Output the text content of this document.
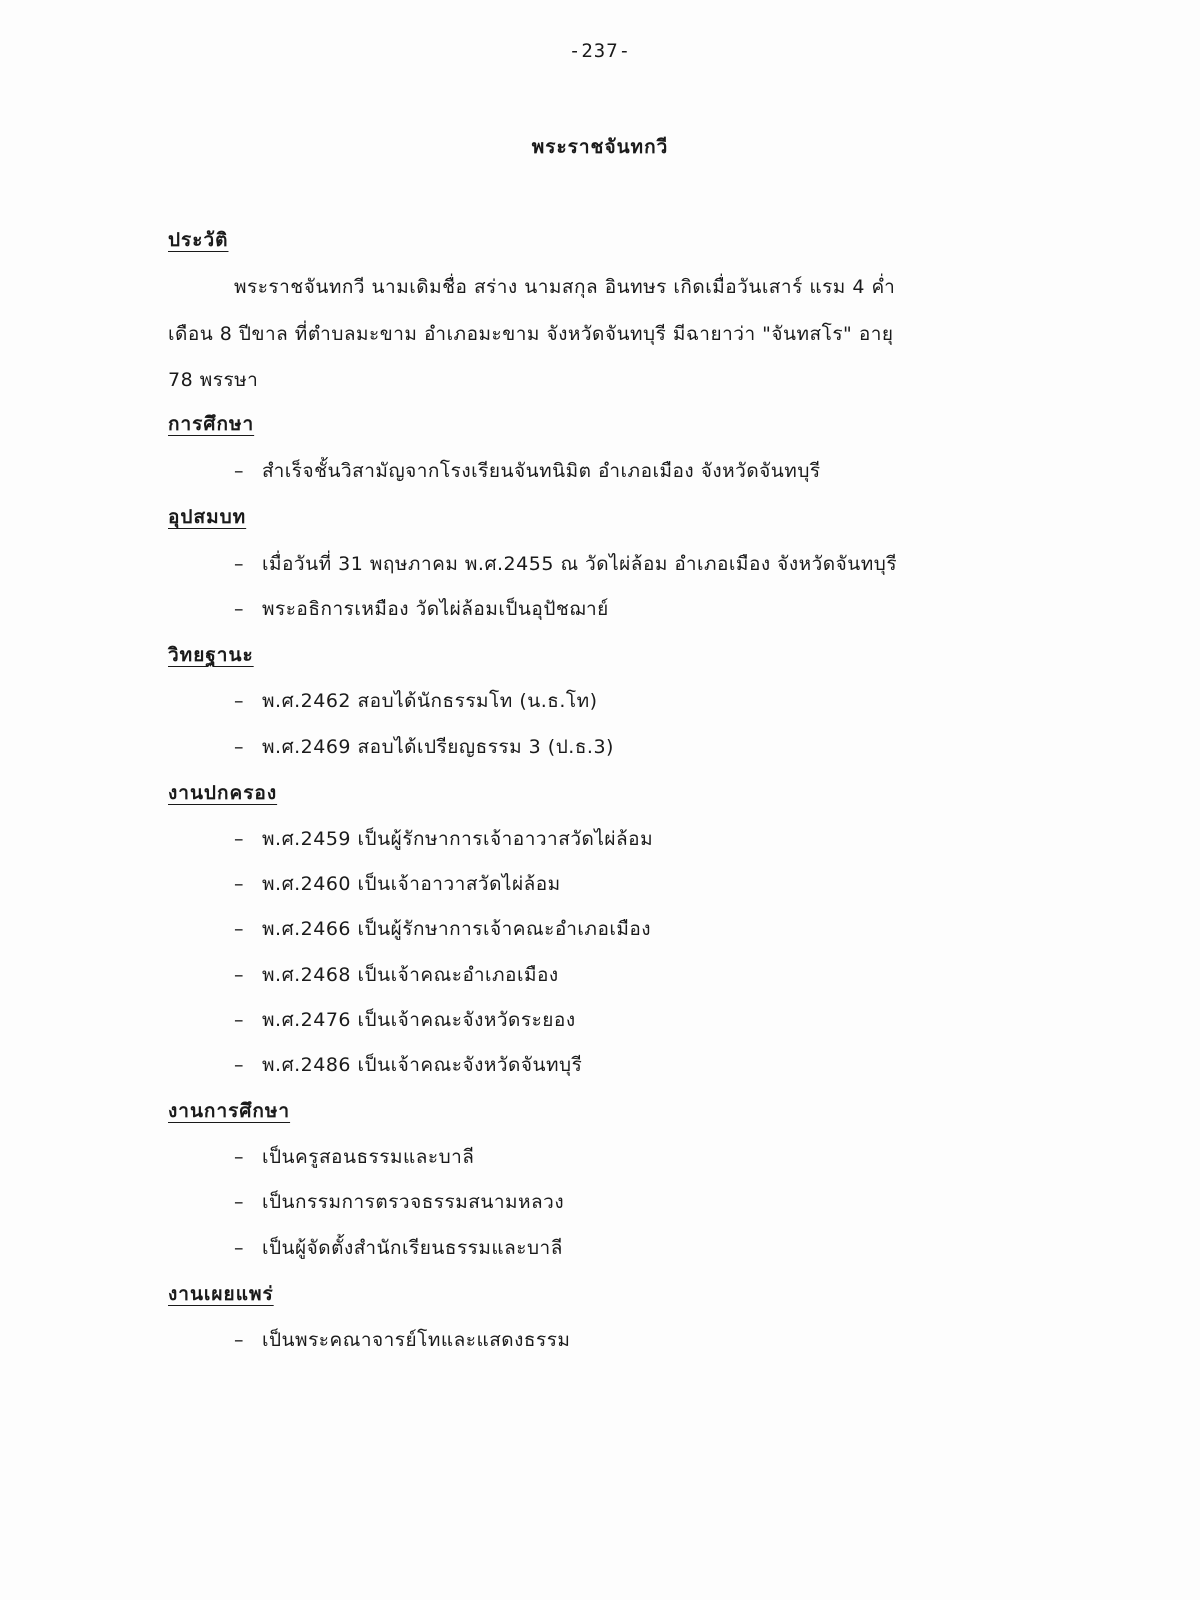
-237-
พระราชจันทกวี
ประวัติ
พระราชจันทกวี นามเดิมชื่อ สร่าง นามสกุล อินทษร เกิดเมื่อวันเสาร์ แรม 4 ค่ำ
เดือน 8 ปีขาล ที่ตำบลมะขาม อำเภอมะขาม จังหวัดจันทบุรี มีฉายาว่า "จันทสโร" อายุ
78 พรรษา
การศึกษา
– สำเร็จชั้นวิสามัญจากโรงเรียนจันทนิมิต อำเภอเมือง จังหวัดจันทบุรี
อุปสมบท
– เมื่อวันที่ 31 พฤษภาคม พ.ศ.2455 ณ วัดไผ่ล้อม อำเภอเมือง จังหวัดจันทบุรี
– พระอธิการเหมือง วัดไผ่ล้อมเป็นอุปัชฌาย์
วิทยฐานะ
– พ.ศ.2462 สอบได้นักธรรมโท (น.ธ.โท)
– พ.ศ.2469 สอบได้เปรียญธรรม 3 (ป.ธ.3)
งานปกครอง
– พ.ศ.2459 เป็นผู้รักษาการเจ้าอาวาสวัดไผ่ล้อม
– พ.ศ.2460 เป็นเจ้าอาวาสวัดไผ่ล้อม
– พ.ศ.2466 เป็นผู้รักษาการเจ้าคณะอำเภอเมือง
– พ.ศ.2468 เป็นเจ้าคณะอำเภอเมือง
– พ.ศ.2476 เป็นเจ้าคณะจังหวัดระยอง
– พ.ศ.2486 เป็นเจ้าคณะจังหวัดจันทบุรี
งานการศึกษา
– เป็นครูสอนธรรมและบาลี
– เป็นกรรมการตรวจธรรมสนามหลวง
– เป็นผู้จัดตั้งสำนักเรียนธรรมและบาลี
งานเผยแพร่
– เป็นพระคณาจารย์โทและแสดงธรรม
